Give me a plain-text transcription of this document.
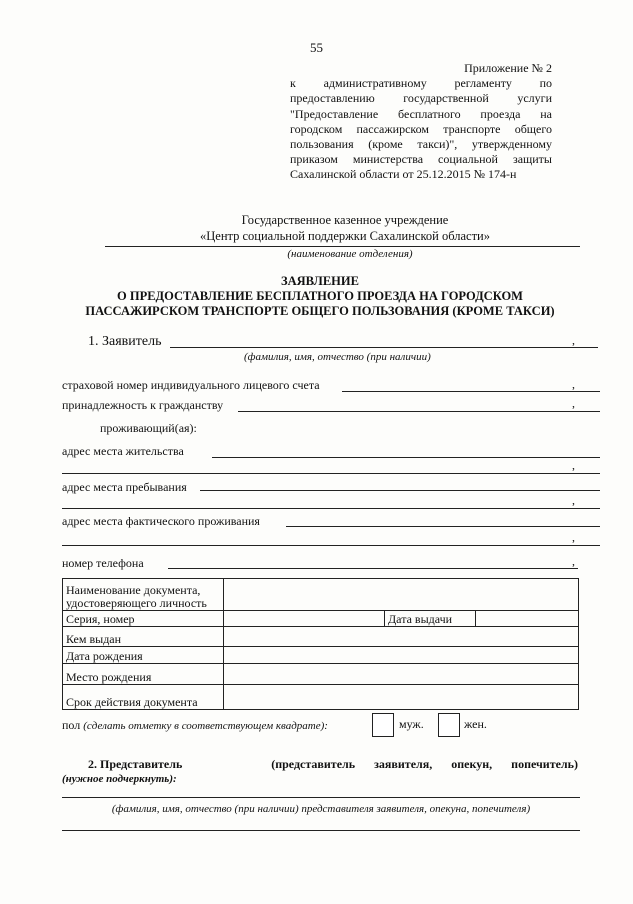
55
Приложение № 2
к административному регламенту по
предоставлению государственной услуги
"Предоставление бесплатного проезда на
городском пассажирском транспорте общего
пользования (кроме такси)", утвержденному
приказом министерства социальной защиты
Сахалинской области от 25.12.2015 № 174-н
Государственное казенное учреждение
«Центр социальной поддержки Сахалинской области»
(наименование отделения)
ЗАЯВЛЕНИЕ
О ПРЕДОСТАВЛЕНИЕ БЕСПЛАТНОГО ПРОЕЗДА НА ГОРОДСКОМ
ПАССАЖИРСКОМ ТРАНСПОРТЕ ОБЩЕГО ПОЛЬЗОВАНИЯ (КРОМЕ ТАКСИ)
1. Заявитель	,
(фамилия, имя, отчество (при наличии)
страховой номер индивидуального лицевого счета	,
принадлежность к гражданству	,
проживающий(ая):
адрес места жительства
,
адрес места пребывания
,
адрес места фактического проживания
,
номер телефона	,
Наименование документа, удостоверяющего личность			
Серия, номер		Дата выдачи	
Кем выдан			
Дата рождения			
Место рождения			
Срок действия документа			
пол (сделать отметку в соответствующем квадрате):	муж.	жен.
2. Представитель	(представитель заявителя, опекун, попечитель)
(нужное подчеркнуть):
(фамилия, имя, отчество (при наличии) представителя заявителя, опекуна, попечителя)
